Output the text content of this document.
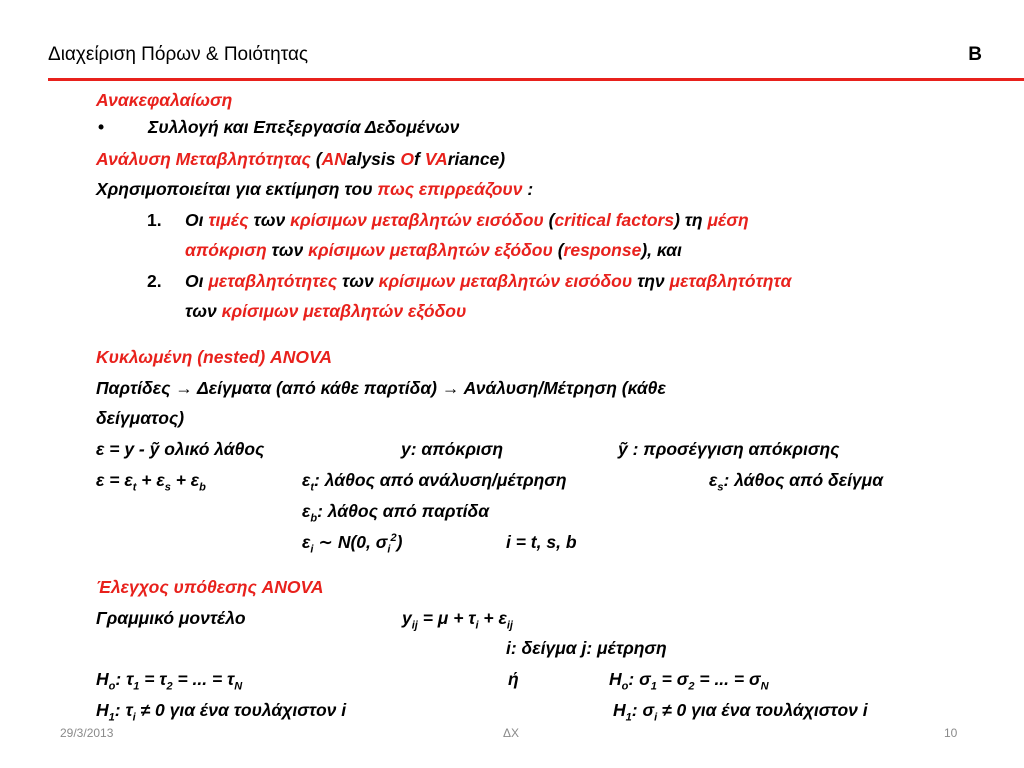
Διαχείριση Πόρων & Ποιότητας	B
Ανακεφαλαίωση
•	Συλλογή και Επεξεργασία Δεδομένων
Ανάλυση Μεταβλητότητας (ANalysis Of VAriance)
Χρησιμοποιείται για εκτίμηση του πως επιρρεάζουν :
1. Οι τιμές των κρίσιμων μεταβλητών εισόδου (critical factors) τη μέση
απόκριση των κρίσιμων μεταβλητών εξόδου (response), και
2. Οι μεταβλητότητες των κρίσιμων μεταβλητών εισόδου την μεταβλητότητα
των κρίσιμων μεταβλητών εξόδου
Κυκλωμένη (nested) ANOVA
Παρτίδες → Δείγματα (από κάθε παρτίδα) → Ανάλυση/Μέτρηση (κάθε
δείγματος)
ε = y - ỹ ολικό λάθος	y: απόκριση	ỹ : προσέγγιση απόκρισης
$\varepsilon = \varepsilon_t + \varepsilon_s + \varepsilon_b$	$\varepsilon_t$: λάθος από ανάλυση/μέτρηση	$\varepsilon_s$: λάθος από δείγμα
$\varepsilon_b$: λάθος από παρτίδα
$\varepsilon_i$ ∼ N(0, $\sigma_i^2$)	i = t, s, b
Έλεγχος υπόθεσης ANOVA
Γραμμικό μοντέλο	$y_{ij} = \mu + \tau_i + \varepsilon_{ij}$
i: δείγμα j: μέτρηση
$H_o$: $\tau_1 = \tau_2$ = ... = $\tau_N$	ή	$H_o$: $\sigma_1 = \sigma_2$ = ... = $\sigma_N$
$H_1$: $\tau_i \ne 0$ για ένα τουλάχιστον i	$H_1$: $\sigma_i \ne 0$ για ένα τουλάχιστον i
29/3/2013	ΔΧ	10
